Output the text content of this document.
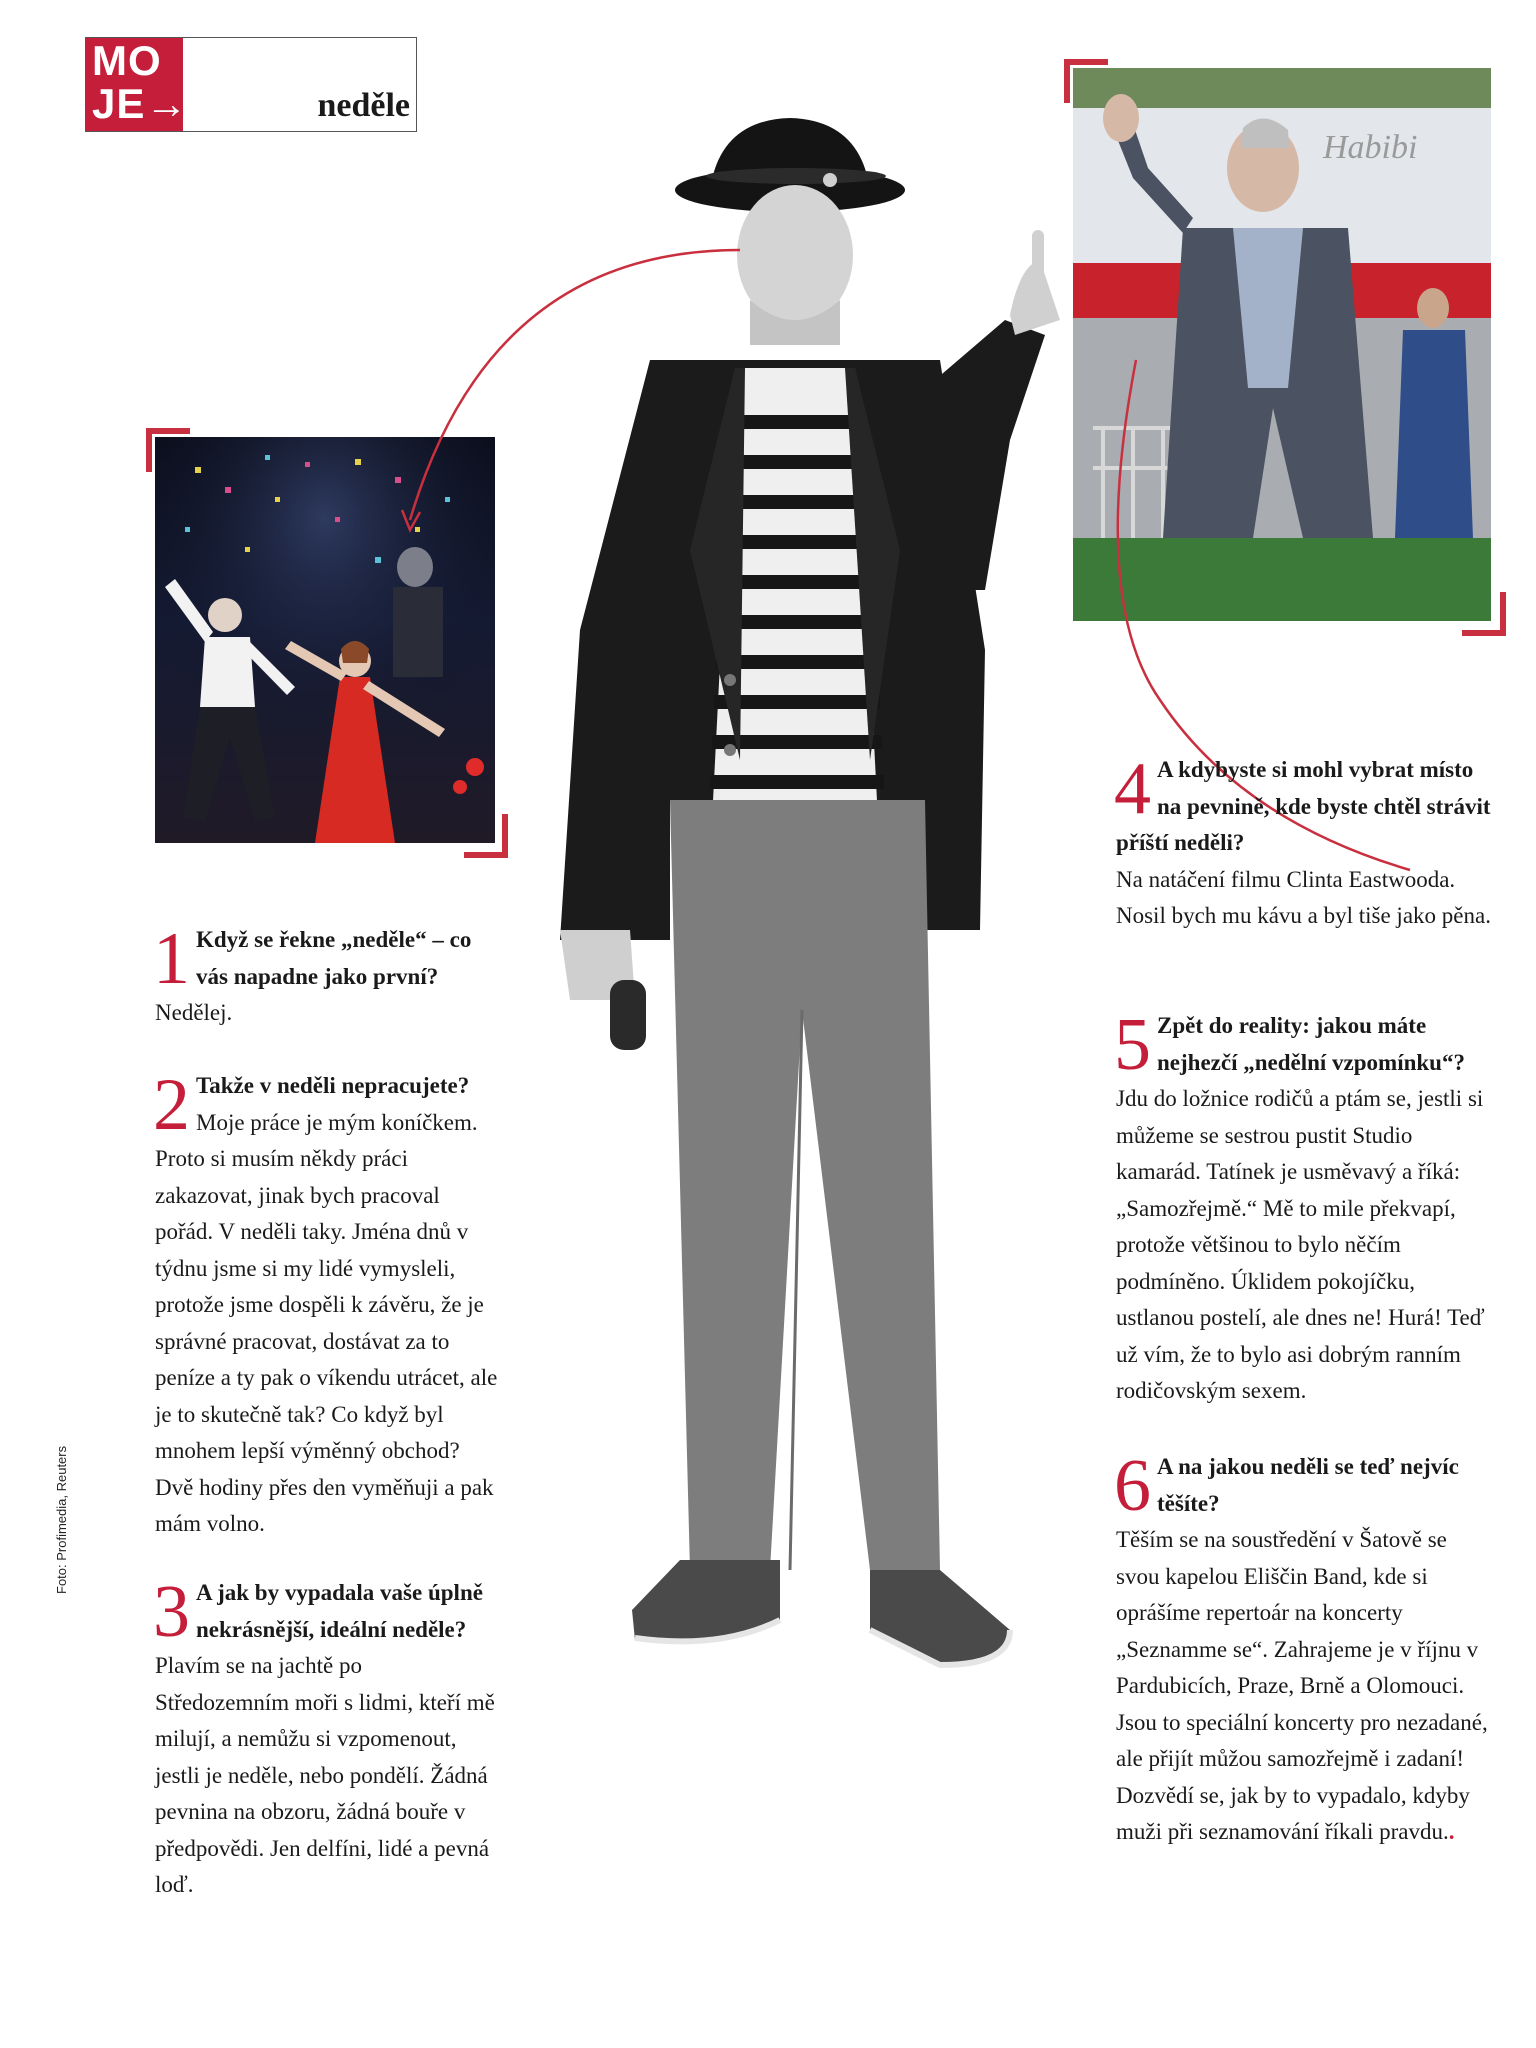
MO
JE→	neděle
Habibi
Foto: Profimedia, Reuters
1 Když se řekne „neděle“ – co vás napadne jako první?
Nedělej.
2 Takže v neděli nepracujete?
Moje práce je mým koníčkem. Proto si musím někdy práci zakazovat, jinak bych pracoval pořád. V neděli taky. Jména dnů v týdnu jsme si my lidé vymysleli, protože jsme dospěli k závěru, že je správné pracovat, dostávat za to peníze a ty pak o víkendu utrácet, ale je to skutečně tak? Co když byl mnohem lepší výměnný obchod? Dvě hodiny přes den vyměňuji a pak mám volno.
3 A jak by vypadala vaše úplně nekrásnější, ideální neděle?
Plavím se na jachtě po Středozemním moři s lidmi, kteří mě milují, a nemůžu si vzpomenout, jestli je neděle, nebo pondělí. Žádná pevnina na obzoru, žádná bouře v předpovědi. Jen delfíni, lidé a pevná loď.
4 A kdybyste si mohl vybrat místo na pevnině, kde byste chtěl strávit příští neděli?
Na natáčení filmu Clinta Eastwooda. Nosil bych mu kávu a byl tiše jako pěna.
5 Zpět do reality: jakou máte nejhezčí „nedělní vzpomínku“?
Jdu do ložnice rodičů a ptám se, jestli si můžeme se sestrou pustit Studio kamarád. Tatínek je usměvavý a říká: „Samozřejmě.“ Mě to mile překvapí, protože většinou to bylo něčím podmíněno. Úklidem pokojíčku, ustlanou postelí, ale dnes ne! Hurá! Teď už vím, že to bylo asi dobrým ranním rodičovským sexem.
6 A na jakou neděli se teď nejvíc těšíte?
Těším se na soustředění v Šatově se svou kapelou Eliščin Band, kde si oprášíme repertoár na koncerty „Seznamme se“. Zahrajeme je v říjnu v Pardubicích, Praze, Brně a Olomouci. Jsou to speciální koncerty pro nezadané, ale přijít můžou samozřejmě i zadaní! Dozvědí se, jak by to vypadalo, kdyby muži při seznamování říkali pravdu..
